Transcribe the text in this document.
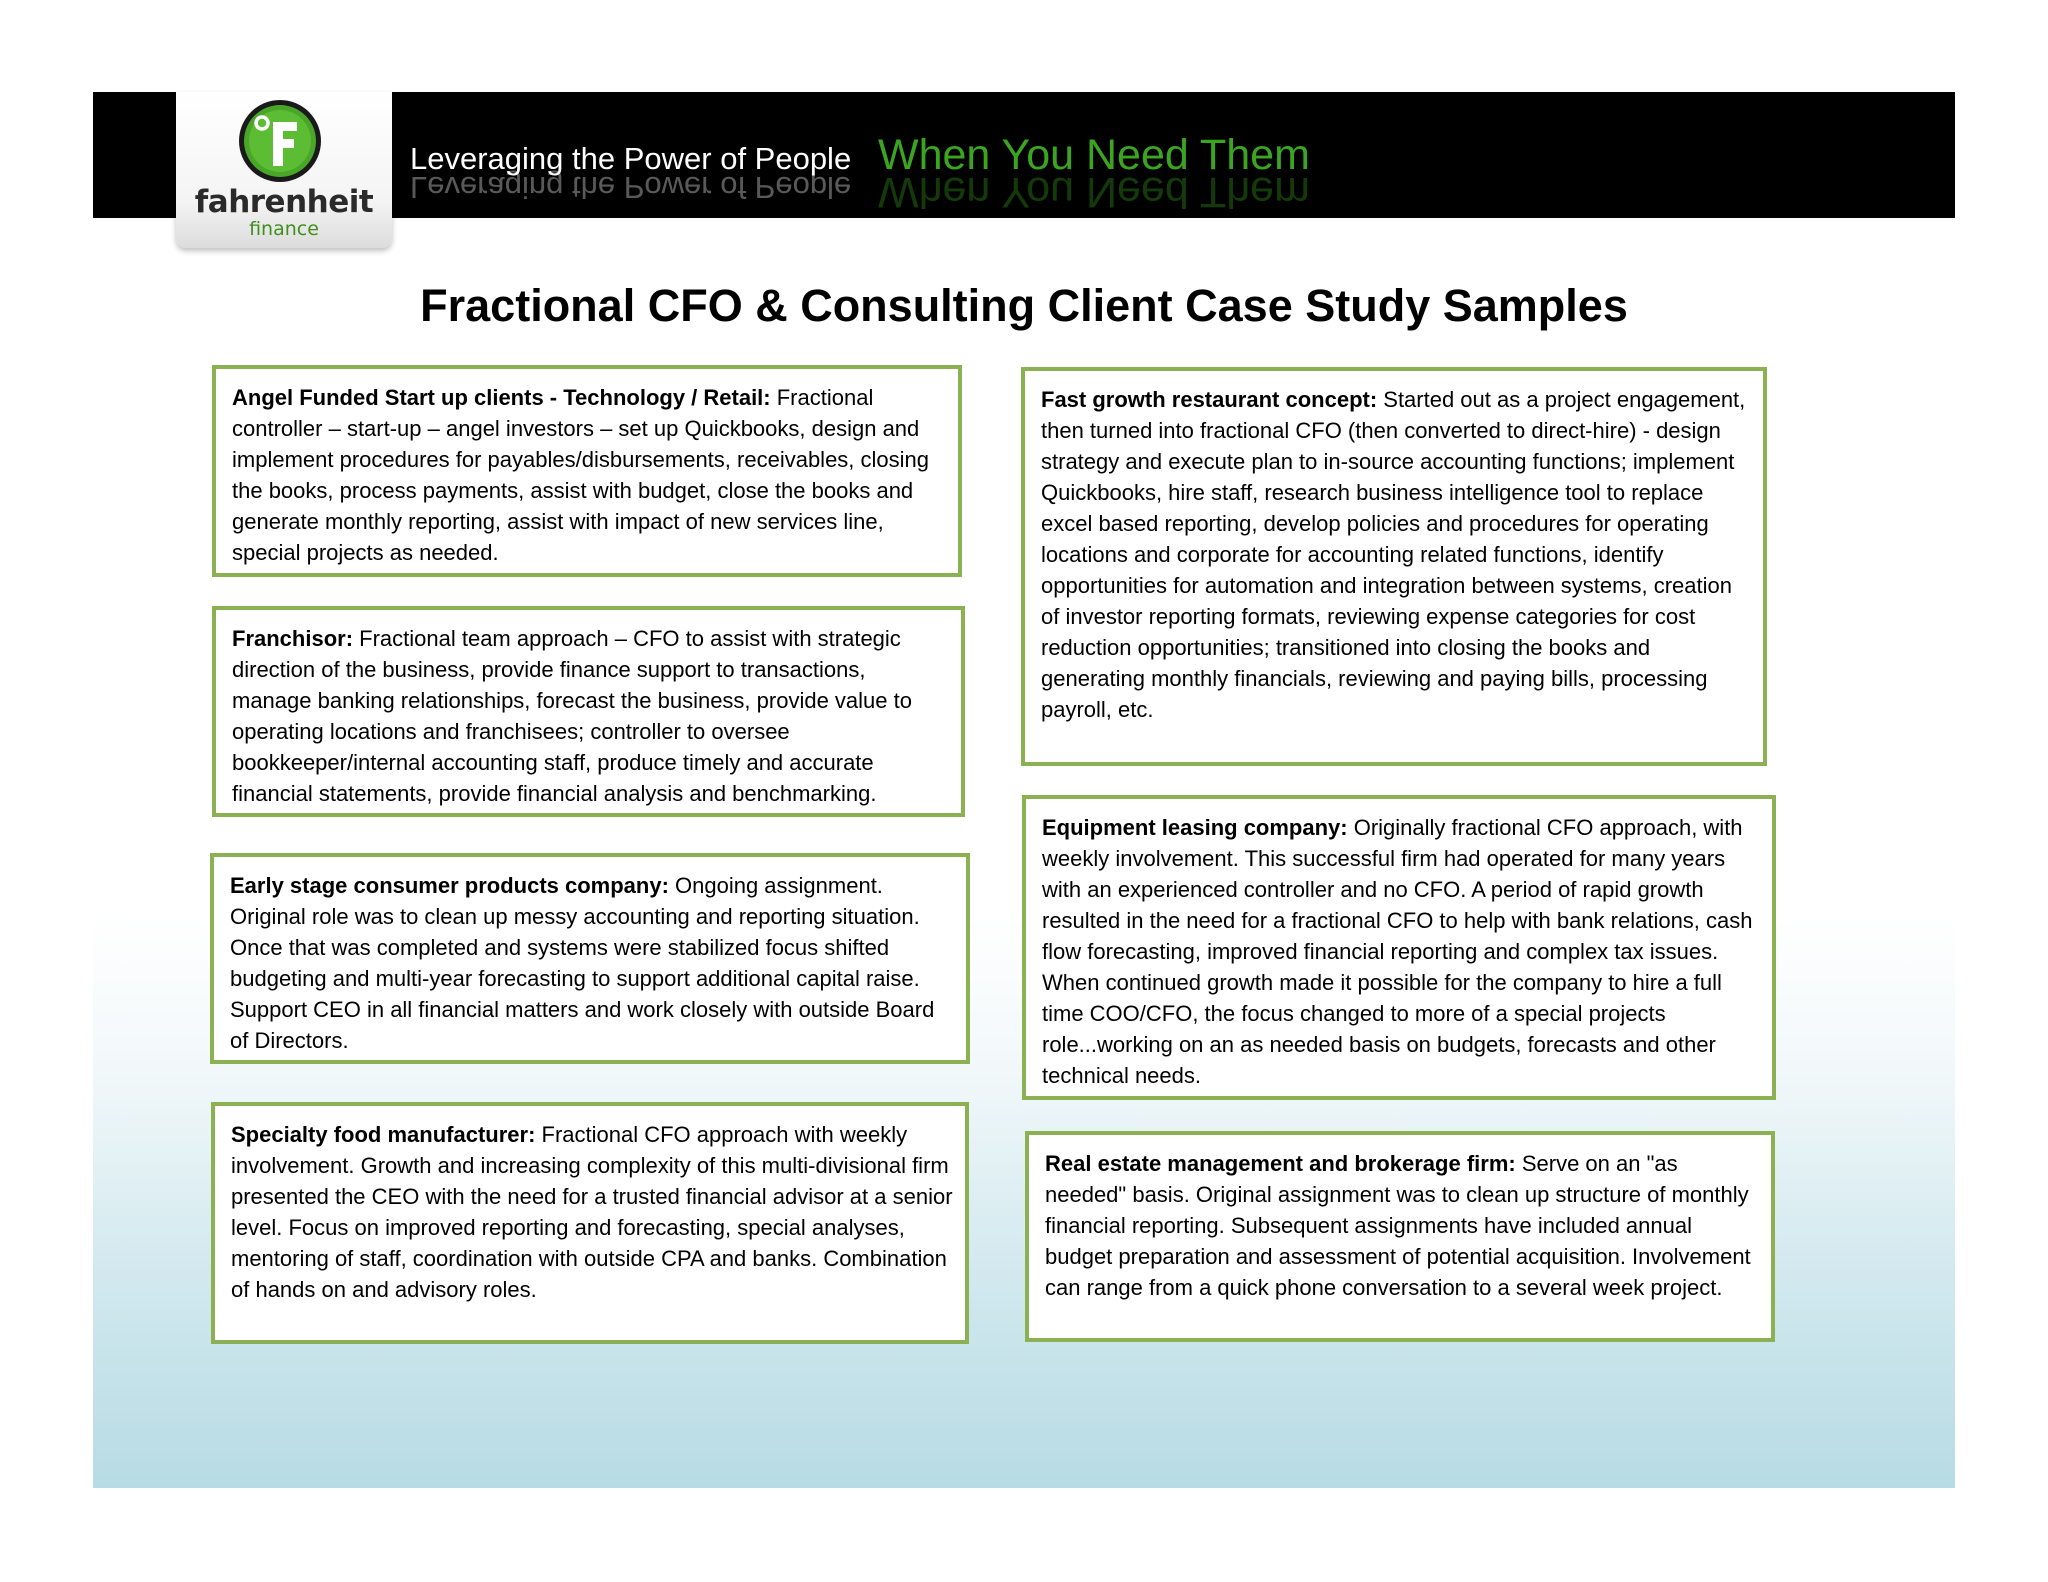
fahrenheit
finance
Leveraging the Power of People
Leveraging the Power of People
When You Need Them
When You Need Them
Fractional CFO & Consulting Client Case Study Samples
Angel Funded Start up clients - Technology / Retail: Fractional controller – start-up – angel investors – set up Quickbooks, design and implement procedures for payables/disbursements, receivables, closing the books, process payments, assist with budget, close the books and generate monthly reporting, assist with impact of new services line, special projects as needed.
Franchisor: Fractional team approach – CFO to assist with strategic direction of the business, provide finance support to transactions, manage banking relationships, forecast the business, provide value to operating locations and franchisees; controller to oversee bookkeeper/internal accounting staff, produce timely and accurate financial statements, provide financial analysis and benchmarking.
Early stage consumer products company: Ongoing assignment. Original role was to clean up messy accounting and reporting situation. Once that was completed and systems were stabilized focus shifted budgeting and multi-year forecasting to support additional capital raise. Support CEO in all financial matters and work closely with outside Board of Directors.
Specialty food manufacturer: Fractional CFO approach with weekly involvement. Growth and increasing complexity of this multi-divisional firm presented the CEO with the need for a trusted financial advisor at a senior level. Focus on improved reporting and forecasting, special analyses, mentoring of staff, coordination with outside CPA and banks. Combination of hands on and advisory roles.
Fast growth restaurant concept: Started out as a project engagement, then turned into fractional CFO (then converted to direct-hire) - design strategy and execute plan to in-source accounting functions; implement Quickbooks, hire staff, research business intelligence tool to replace excel based reporting, develop policies and procedures for operating locations and corporate for accounting related functions, identify opportunities for automation and integration between systems, creation of investor reporting formats, reviewing expense categories for cost reduction opportunities; transitioned into closing the books and generating monthly financials, reviewing and paying bills, processing payroll, etc.
Equipment leasing company: Originally fractional CFO approach, with weekly involvement. This successful firm had operated for many years with an experienced controller and no CFO. A period of rapid growth resulted in the need for a fractional CFO to help with bank relations, cash flow forecasting, improved financial reporting and complex tax issues. When continued growth made it possible for the company to hire a full time COO/CFO, the focus changed to more of a special projects role...working on an as needed basis on budgets, forecasts and other technical needs.
Real estate management and brokerage firm: Serve on an "as needed" basis. Original assignment was to clean up structure of monthly financial reporting. Subsequent assignments have included annual budget preparation and assessment of potential acquisition. Involvement can range from a quick phone conversation to a several week project.
